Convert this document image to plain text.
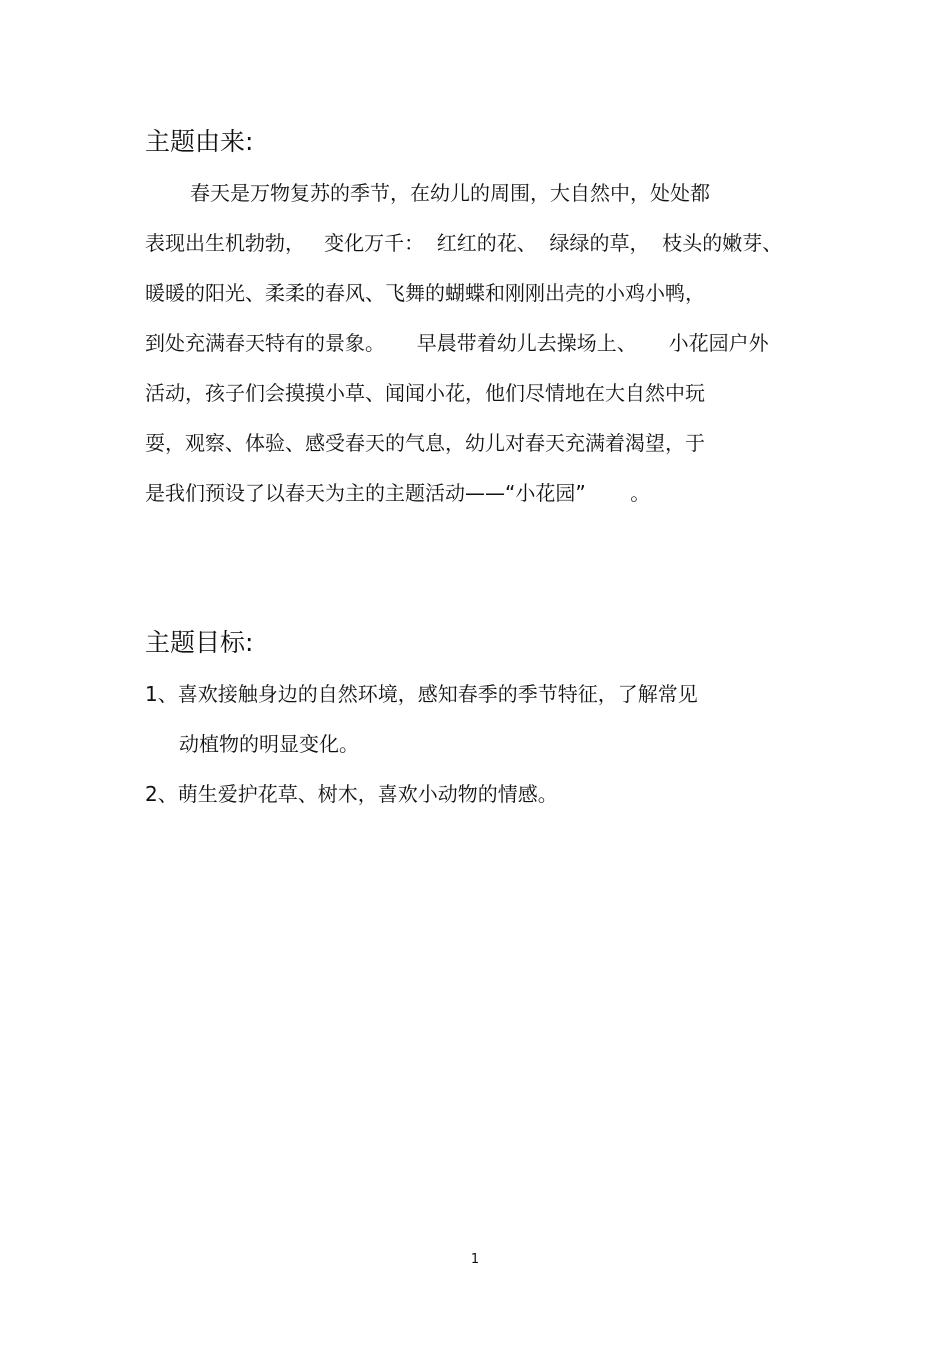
主题由来:
春天是万物复苏的季节，在幼儿的周围，大自然中，处处都
表现出生机勃勃，   变化万千：  红红的花、  绿绿的草，  枝头的嫩芽、
暖暖的阳光、柔柔的春风、飞舞的蝴蝶和刚刚出壳的小鸡小鸭，
到处充满春天特有的景象。     早晨带着幼儿去操场上、     小花园户外
活动，孩子们会摸摸小草、闻闻小花，他们尽情地在大自然中玩
耍，观察、体验、感受春天的气息，幼儿对春天充满着渴望，于
是我们预设了以春天为主的主题活动——“小花园”       。
主题目标:
1、喜欢接触身边的自然环境，感知春季的季节特征，了解常见
动植物的明显变化。
2、萌生爱护花草、树木，喜欢小动物的情感。
1
